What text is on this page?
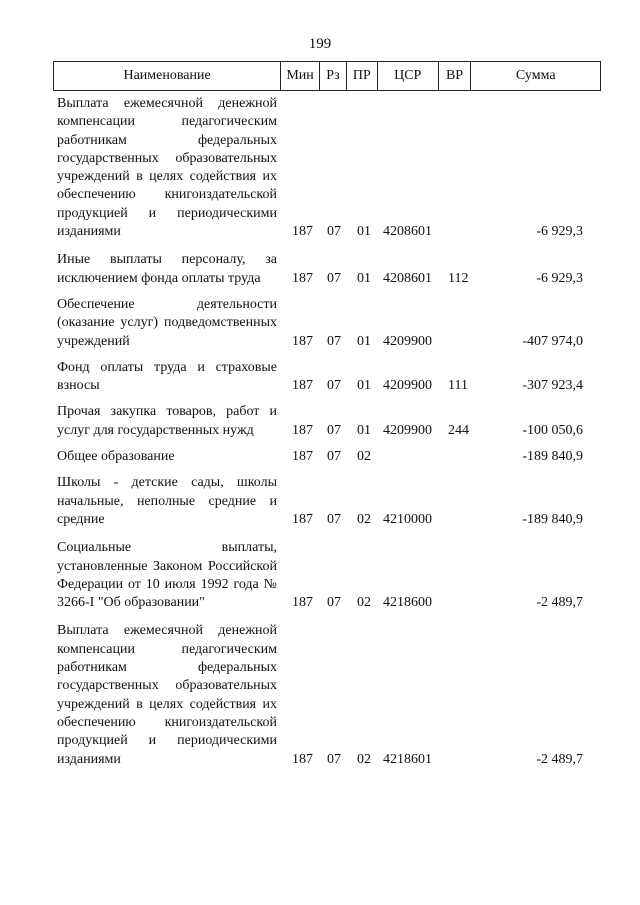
199
Наименование	Мин Рз ПР	ЦСР	ВР	Сумма
Выплата ежемесячной денежной компенсации педагогическим работникам федеральных государственных образовательных учреждений в целях содействия их обеспечению книгоиздательской продукцией и периодическими изданиями	187 07 01 4208601	-6 929,3
Иные выплаты персоналу, за исключением фонда оплаты труда	187 07 01 4208601 112	-6 929,3
Обеспечение деятельности (оказание услуг) подведомственных учреждений	187 07 01 4209900	-407 974,0
Фонд оплаты труда и страховые взносы	187 07 01 4209900 111	-307 923,4
Прочая закупка товаров, работ и услуг для государственных нужд	187 07 01 4209900 244	-100 050,6
Общее образование	187 07 02	-189 840,9
Школы - детские сады, школы начальные, неполные средние и средние	187 07 02 4210000	-189 840,9
Социальные выплаты, установленные Законом Российской Федерации от 10 июля 1992 года № 3266-I "Об образовании"	187 07 02 4218600	-2 489,7
Выплата ежемесячной денежной компенсации педагогическим работникам федеральных государственных образовательных учреждений в целях содействия их обеспечению книгоиздательской продукцией и периодическими изданиями	187 07 02 4218601	-2 489,7
